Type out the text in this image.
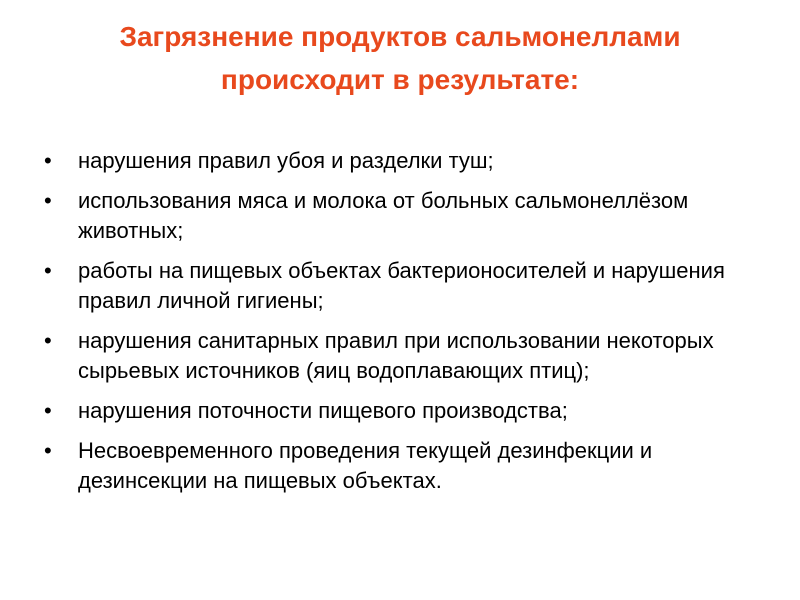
Загрязнение продуктов сальмонеллами происходит в результате:
• нарушения правил убоя и разделки туш;
• использования мяса и молока от больных сальмонеллёзом животных;
• работы на пищевых объектах бактерионосителей и нарушения правил личной гигиены;
• нарушения санитарных правил при использовании некоторых сырьевых источников (яиц водоплавающих птиц);
• нарушения поточности пищевого производства;
• Несвоевременного проведения текущей дезинфекции и дезинсекции на пищевых объектах.
